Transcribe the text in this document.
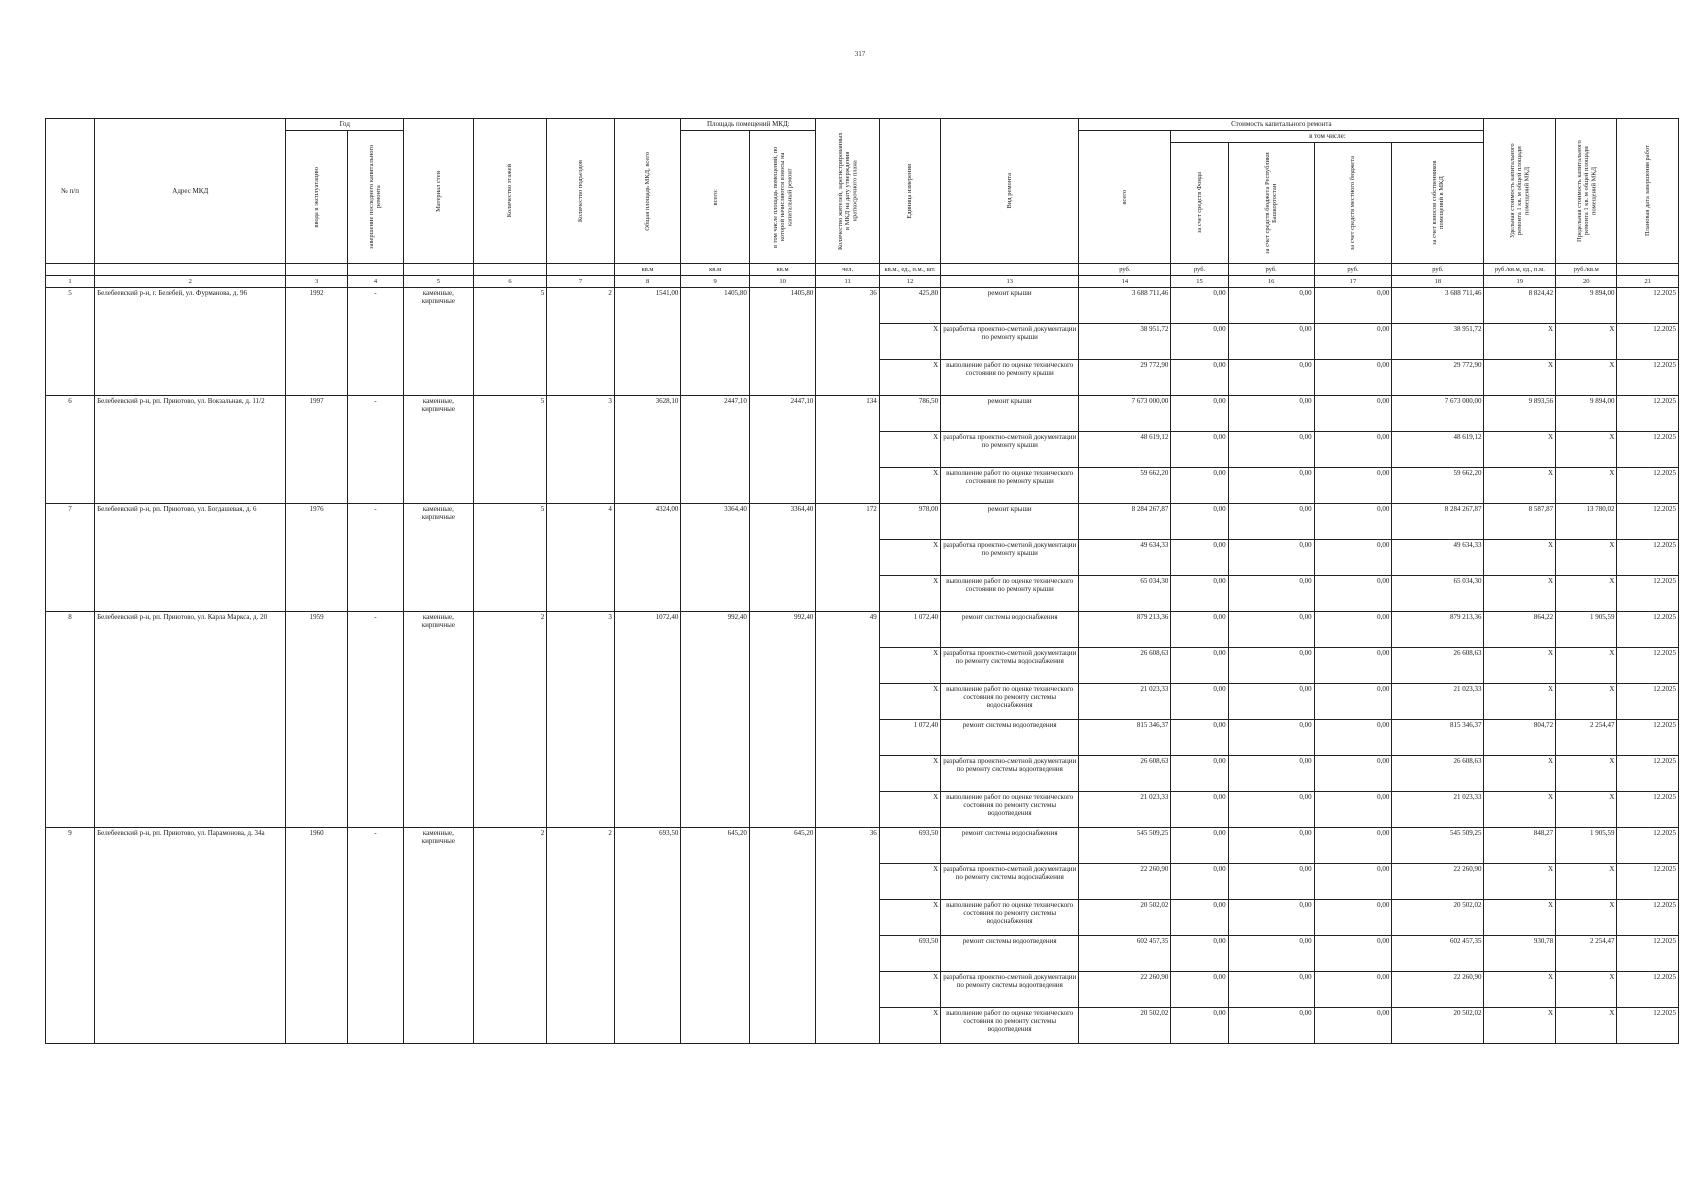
317
№ п/п	Адрес МКД	Год		Материал стен	Количество этажей	Количество подъездов	Общая площадь МКД, всего	Площадь помещений МКД:		Количество жителей, зарегистрированных в МКД на дату утверждения краткосрочного плана	Единица измерения	Вид ремонта	Стоимость капитального ремонта					Удельная стоимость капитального ремонта 1 кв. м общей площади помещений МКД	Предельная стоимость капитального ремонта 1 кв. м общей площади помещений МКД	Плановая дата завершения работ

		ввода в эксплуатацию	завершение последнего капитального ремонта					всего:	в том числе площадь помещений, по которой начисляются взносы на капитальный ремонт				всего	в том числе:						

														за счет средств Фонда	за счет средств бюджета Республики Башкортостан	за счет средств местного бюджета	за счет взносов собственников помещений в МКД			

							кв.м	кв.м	кв.м	чел.	кв.м., ед., п.м., шт.		руб.	руб.	руб.	руб.	руб.	руб./кв.м, ед., п.м.	руб./кв.м	
1	2	3	4	5	6	7	8	9	10	11	12	13	14	15	16	17	18	19	20	21
5	Белебеевский р-н, г. Белебей, ул. Фурманова, д. 96	1992	-	каменные, кирпичные	5	2	1541,00	1405,80	1405,80	36	425,80	ремонт крыши	3 688 711,46	0,00	0,00	0,00	3 688 711,46	8 824,42	9 894,00	12.2025
											X	разработка проектно-сметной документации по ремонту крыши	38 951,72	0,00	0,00	0,00	38 951,72	X	X	12.2025
											X	выполнение работ по оценке технического состояния по ремонту крыши	29 772,90	0,00	0,00	0,00	29 772,90	X	X	12.2025
6	Белебеевский р-н, рп. Приютово, ул. Вокзальная, д. 11/2	1997	-	каменные, кирпичные	5	3	3628,10	2447,10	2447,10	134	786,50	ремонт крыши	7 673 000,00	0,00	0,00	0,00	7 673 000,00	9 893,56	9 894,00	12.2025
											X	разработка проектно-сметной документации по ремонту крыши	48 619,12	0,00	0,00	0,00	48 619,12	X	X	12.2025
											X	выполнение работ по оценке технического состояния по ремонту крыши	59 662,20	0,00	0,00	0,00	59 662,20	X	X	12.2025
7	Белебеевский р-н, рп. Приютово, ул. Богдашевая, д. 6	1976	-	каменные, кирпичные	5	4	4324,00	3364,40	3364,40	172	978,00	ремонт крыши	8 284 267,87	0,00	0,00	0,00	8 284 267,87	8 587,87	13 780,02	12.2025
											X	разработка проектно-сметной документации по ремонту крыши	49 634,33	0,00	0,00	0,00	49 634,33	X	X	12.2025
											X	выполнение работ по оценке технического состояния по ремонту крыши	65 034,30	0,00	0,00	0,00	65 034,30	X	X	12.2025
8	Белебеевский р-н, рп. Приютово, ул. Карла Маркса, д. 20	1959	-	каменные, кирпичные	2	3	1072,40	992,40	992,40	49	1 072,40	ремонт системы водоснабжения	879 213,36	0,00	0,00	0,00	879 213,36	864,22	1 905,59	12.2025
											X	разработка проектно-сметной документации по ремонту системы водоснабжения	26 608,63	0,00	0,00	0,00	26 608,63	X	X	12.2025
											X	выполнение работ по оценке технического состояния по ремонту системы водоснабжения	21 023,33	0,00	0,00	0,00	21 023,33	X	X	12.2025
											1 072,40	ремонт системы водоотведения	815 346,37	0,00	0,00	0,00	815 346,37	804,72	2 254,47	12.2025
											X	разработка проектно-сметной документации по ремонту системы водоотведения	26 608,63	0,00	0,00	0,00	26 608,63	X	X	12.2025
											X	выполнение работ по оценке технического состояния по ремонту системы водоотведения	21 023,33	0,00	0,00	0,00	21 023,33	X	X	12.2025
9	Белебеевский р-н, рп. Приютово, ул. Парамонова, д. 34а	1960	-	каменные, кирпичные	2	2	693,50	645,20	645,20	36	693,50	ремонт системы водоснабжения	545 509,25	0,00	0,00	0,00	545 509,25	848,27	1 905,59	12.2025
											X	разработка проектно-сметной документации по ремонту системы водоснабжения	22 260,90	0,00	0,00	0,00	22 260,90	X	X	12.2025
											X	выполнение работ по оценке технического состояния по ремонту системы водоснабжения	20 502,02	0,00	0,00	0,00	20 502,02	X	X	12.2025
											693,50	ремонт системы водоотведения	602 457,35	0,00	0,00	0,00	602 457,35	930,78	2 254,47	12.2025
											X	разработка проектно-сметной документации по ремонту системы водоотведения	22 260,90	0,00	0,00	0,00	22 260,90	X	X	12.2025
											X	выполнение работ по оценке технического состояния по ремонту системы водоотведения	20 502,02	0,00	0,00	0,00	20 502,02	X	X	12.2025
